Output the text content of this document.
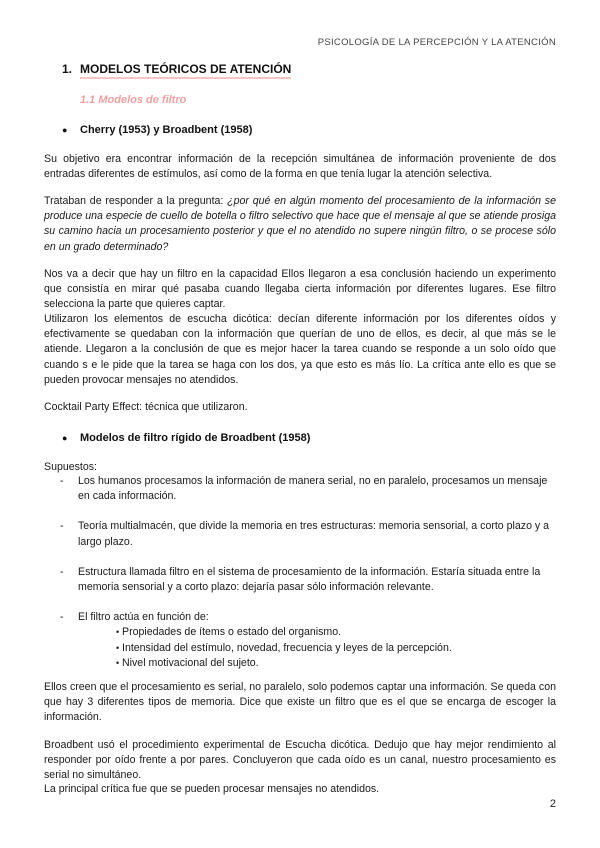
PSICOLOGÍA DE LA PERCEPCIÓN Y LA ATENCIÓN
1. MODELOS TEÓRICOS DE ATENCIÓN
1.1 Modelos de filtro
● Cherry (1953) y Broadbent (1958)
Su objetivo era encontrar información de la recepción simultánea de información proveniente de dos entradas diferentes de estímulos, así como de la forma en que tenía lugar la atención selectiva.
Trataban de responder a la pregunta: ¿por qué en algún momento del procesamiento de la información se produce una especie de cuello de botella o filtro selectivo que hace que el mensaje al que se atiende prosiga su camino hacia un procesamiento posterior y que el no atendido no supere ningún filtro, o se procese sólo en un grado determinado?
Nos va a decir que hay un filtro en la capacidad Ellos llegaron a esa conclusión haciendo un experimento que consistía en mirar qué pasaba cuando llegaba cierta información por diferentes lugares. Ese filtro selecciona la parte que quieres captar.
Utilizaron los elementos de escucha dicótica: decían diferente información por los diferentes oídos y efectivamente se quedaban con la información que querían de uno de ellos, es decir, al que más se le atiende. Llegaron a la conclusión de que es mejor hacer la tarea cuando se responde a un solo oído que cuando s e le pide que la tarea se haga con los dos, ya que esto es más lío. La crítica ante ello es que se pueden provocar mensajes no atendidos.
Cocktail Party Effect: técnica que utilizaron.
● Modelos de filtro rígido de Broadbent (1958)
Supuestos:
- Los humanos procesamos la información de manera serial, no en paralelo, procesamos un mensaje en cada información.
- Teoría multialmacén, que divide la memoria en tres estructuras: memoria sensorial, a corto plazo y a largo plazo.
- Estructura llamada filtro en el sistema de procesamiento de la información. Estaría situada entre la memoria sensorial y a corto plazo: dejaría pasar sólo información relevante.
- El filtro actúa en función de:
• Propiedades de ítems o estado del organismo.
• Intensidad del estímulo, novedad, frecuencia y leyes de la percepción.
• Nivel motivacional del sujeto.
Ellos creen que el procesamiento es serial, no paralelo, solo podemos captar una información. Se queda con que hay 3 diferentes tipos de memoria. Dice que existe un filtro que es el que se encarga de escoger la información.
Broadbent usó el procedimiento experimental de Escucha dicótica. Dedujo que hay mejor rendimiento al responder por oído frente a por pares. Concluyeron que cada oído es un canal, nuestro procesamiento es serial no simultáneo.
La principal crítica fue que se pueden procesar mensajes no atendidos.
2
